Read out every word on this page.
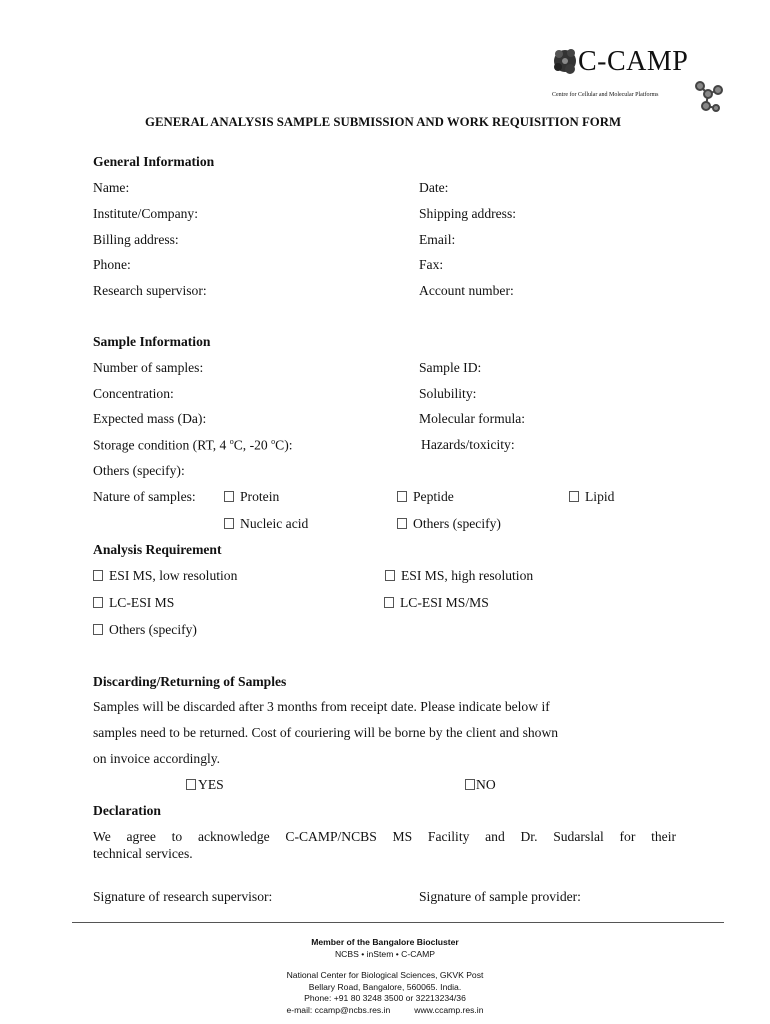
C-CAMP
Centre for Cellular and Molecular Platforms
GENERAL ANALYSIS SAMPLE SUBMISSION AND WORK REQUISITION FORM
General Information
Name:	Date:
Institute/Company:	Shipping address:
Billing address:	Email:
Phone:	Fax:
Research supervisor:	Account number:
Sample Information
Number of samples:	Sample ID:
Concentration:	Solubility:
Expected mass (Da):	Molecular formula:
Storage condition (RT, 4 $^o$C, -20 $^o$C):	Hazards/toxicity:
Others (specify):
Nature of samples:	Protein	Peptide	Lipid
Nucleic acid	Others (specify)
Analysis Requirement
ESI MS, low resolution	ESI MS, high resolution
LC-ESI MS	LC-ESI MS/MS
Others (specify)
Discarding/Returning of Samples
Samples will be discarded after 3 months from receipt date. Please indicate below if
samples need to be returned. Cost of couriering will be borne by the client and shown
on invoice accordingly.
YES	NO
Declaration
We agree to acknowledge C-CAMP/NCBS MS Facility and Dr. Sudarslal for their
technical services.
Signature of research supervisor:	Signature of sample provider:
Member of the Bangalore Biocluster
NCBS • inStem • C-CAMP
National Center for Biological Sciences, GKVK Post
Bellary Road, Bangalore, 560065. India.
Phone: +91 80 3248 3500 or 32213234/36
e-mail: ccamp@ncbs.res.in	www.ccamp.res.in
